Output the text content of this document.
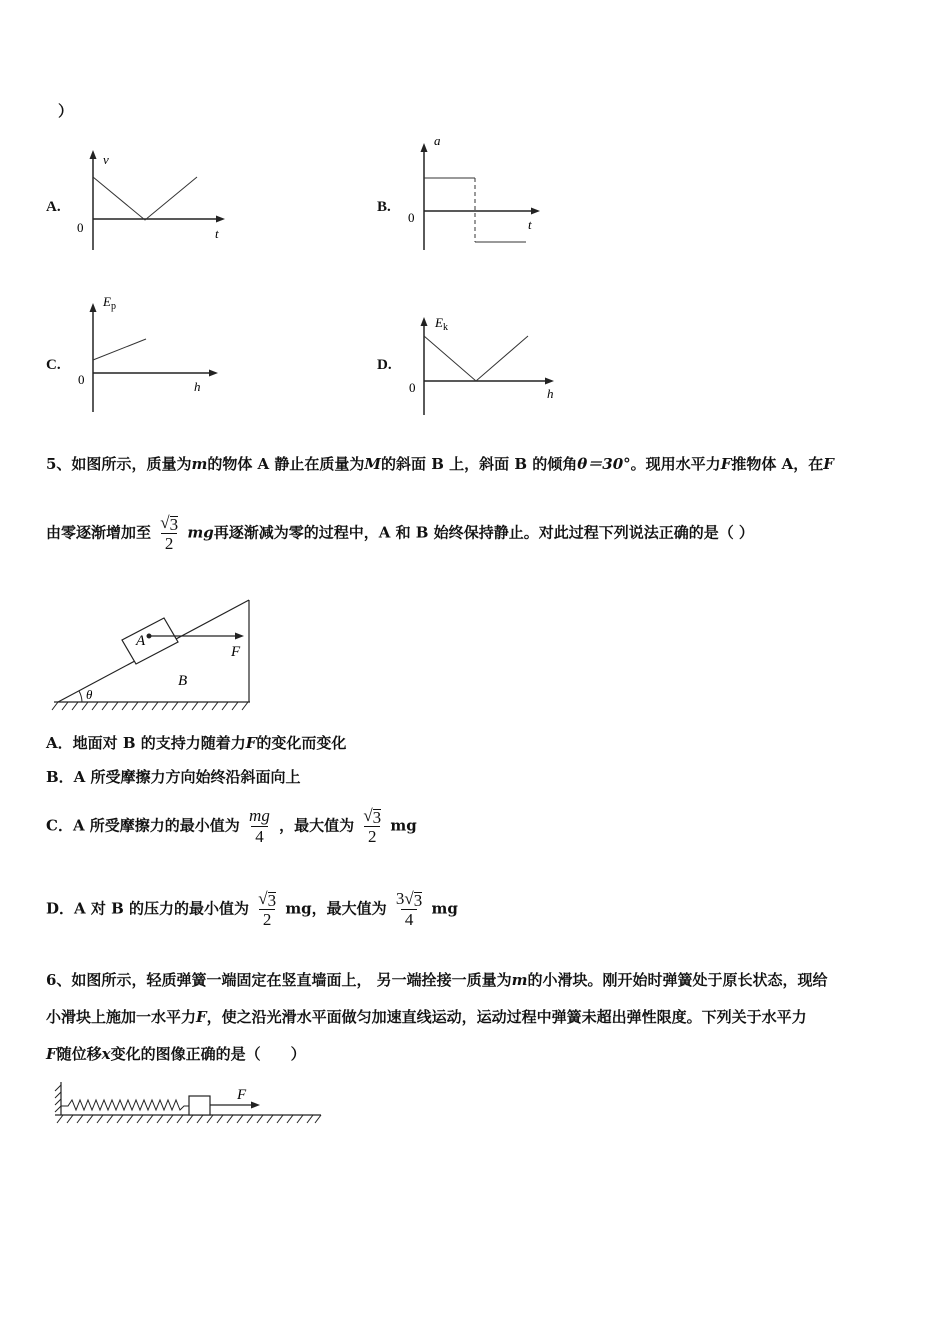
）
A.
v
0	t
B.
a
0	t
C.
$E_p$
0	h
D.
$E_k$
0	h
5、如图所示，质量为m的物体 A 静止在质量为M的斜面 B 上，斜面 B 的倾角θ＝30°。现用水平力F推物体 A，在F
由零逐渐增加至 $\frac{√ 3}{2}$ mg再逐渐减为零的过程中，A 和 B 始终保持静止。对此过程下列说法正确的是（ ）
A
F
B
θ
A．地面对 B 的支持力随着力F的变化而变化
B．A 所受摩擦力方向始终沿斜面向上
C．A 所受摩擦力的最小值为 $\frac{mg}{4}$ ，最大值为 $\frac{√ 3}{2}$ mg
D．A 对 B 的压力的最小值为 $\frac{√ 3}{2}$ mg，最大值为 $\frac{3 √ 3}{4}$ mg
6、如图所示，轻质弹簧一端固定在竖直墙面上， 另一端拴接一质量为m的小滑块。刚开始时弹簧处于原长状态，现给
小滑块上施加一水平力F，使之沿光滑水平面做匀加速直线运动，运动过程中弹簧未超出弹性限度。下列关于水平力
F随位移x变化的图像正确的是（　　）
F
